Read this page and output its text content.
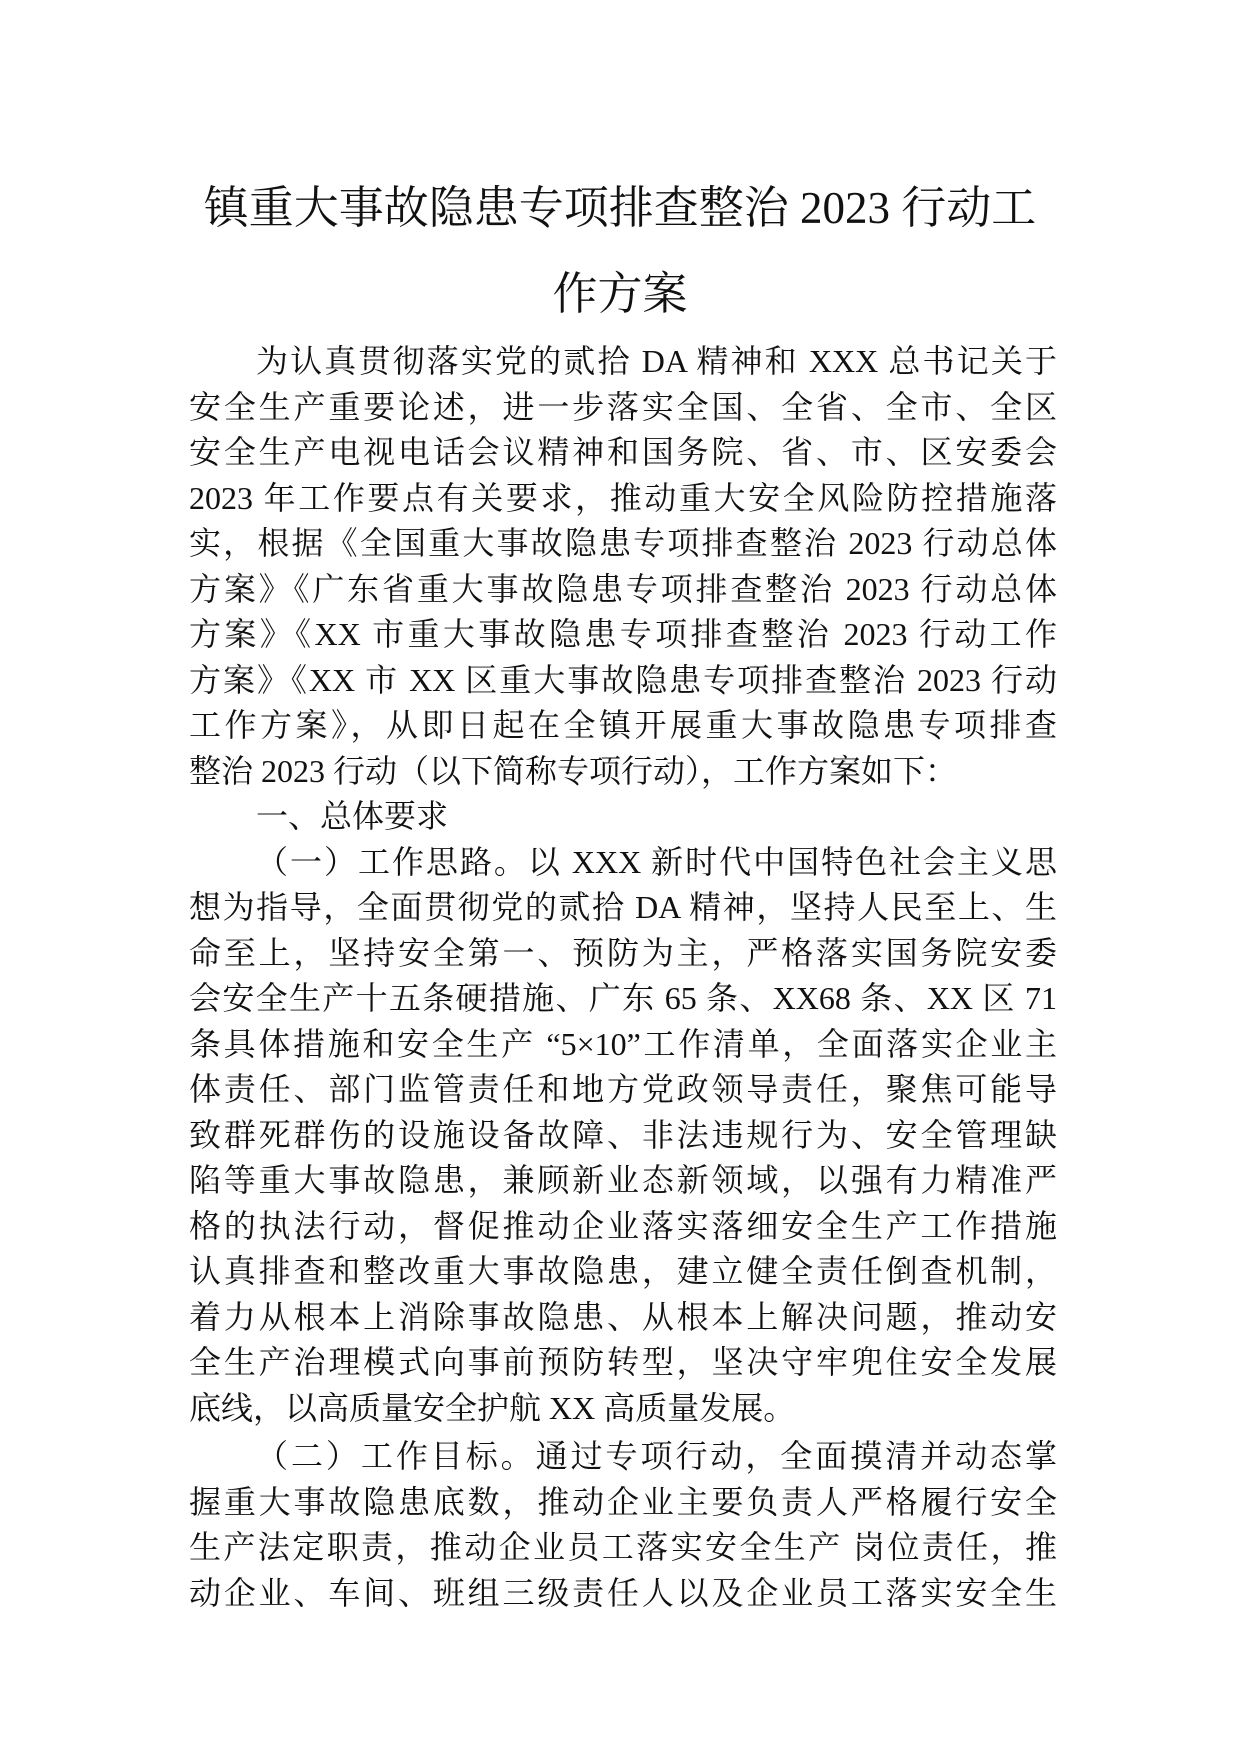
镇重大事故隐患专项排查整治 2023 行动工
作方案
为认真贯彻落实党的贰拾 DA 精神和 XXX 总书记关于
安全生产重要论述，进一步落实全国、全省、全市、全区
安全生产电视电话会议精神和国务院、省、市、区安委会
2023 年工作要点有关要求，推动重大安全风险防控措施落
实，根据《全国重大事故隐患专项排查整治 2023 行动总体
方案》《广东省重大事故隐患专项排查整治 2023 行动总体
方案》《XX 市重大事故隐患专项排查整治 2023 行动工作
方案》《XX 市 XX 区重大事故隐患专项排查整治 2023 行动
工作方案》，从即日起在全镇开展重大事故隐患专项排查
整治 2023 行动（以下简称专项行动），工作方案如下：
一、总体要求
（一）工作思路。以 XXX 新时代中国特色社会主义思
想为指导，全面贯彻党的贰拾 DA 精神，坚持人民至上、生
命至上，坚持安全第一、预防为主，严格落实国务院安委
会安全生产十五条硬措施、广东 65 条、XX68 条、XX 区 71
条具体措施和安全生产 “5×10”工作清单，全面落实企业主
体责任、部门监管责任和地方党政领导责任，聚焦可能导
致群死群伤的设施设备故障、非法违规行为、安全管理缺
陷等重大事故隐患，兼顾新业态新领域，以强有力精准严
格的执法行动，督促推动企业落实落细安全生产工作措施
认真排查和整改重大事故隐患，建立健全责任倒查机制，
着力从根本上消除事故隐患、从根本上解决问题，推动安
全生产治理模式向事前预防转型，坚决守牢兜住安全发展
底线，以高质量安全护航 XX 高质量发展。
（二）工作目标。通过专项行动，全面摸清并动态掌
握重大事故隐患底数，推动企业主要负责人严格履行安全
生产法定职责，推动企业员工落实安全生产 岗位责任，推
动企业、车间、班组三级责任人以及企业员工落实安全生
